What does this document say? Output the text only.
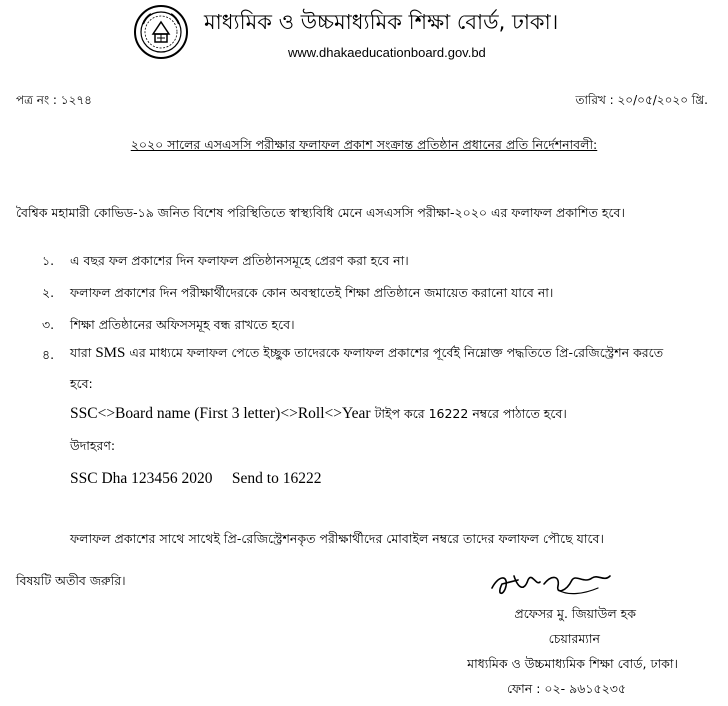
মাধ্যমিক ও উচ্চমাধ্যমিক শিক্ষা বোর্ড, ঢাকা।
www.dhakaeducationboard.gov.bd
পত্র নং : ১২৭৪	তারিখ : ২০/০৫/২০২০ খ্রি.
২০২০ সালের এসএসসি পরীক্ষার ফলাফল প্রকাশ সংক্রান্ত প্রতিষ্ঠান প্রধানের প্রতি নির্দেশনাবলী:
বৈশ্বিক মহামারী কোভিড-১৯ জনিত বিশেষ পরিস্থিতিতে স্বাস্থ্যবিধি মেনে এসএসসি পরীক্ষা-২০২০ এর ফলাফল প্রকাশিত হবে।
১. এ বছর ফল প্রকাশের দিন ফলাফল প্রতিষ্ঠানসমূহে প্রেরণ করা হবে না।
২. ফলাফল প্রকাশের দিন পরীক্ষার্থীদেরকে কোন অবস্থাতেই শিক্ষা প্রতিষ্ঠানে জমায়েত করানো যাবে না।
৩. শিক্ষা প্রতিষ্ঠানের অফিসসমূহ বন্ধ রাখতে হবে।
৪. যারা SMS এর মাধ্যমে ফলাফল পেতে ইচ্ছুক তাদেরকে ফলাফল প্রকাশের পূর্বেই নিম্নোক্ত পদ্ধতিতে প্রি-রেজিস্ট্রেশন করতে
হবে:
SSC<>Board name (First 3 letter)<>Roll<>Year টাইপ করে 16222 নম্বরে পাঠাতে হবে।
উদাহরণ:
SSC Dha 123456 2020     Send to 16222
ফলাফল প্রকাশের সাথে সাথেই প্রি-রেজিস্ট্রেশনকৃত পরীক্ষার্থীদের মোবাইল নম্বরে তাদের ফলাফল পৌছে যাবে।
বিষয়টি অতীব জরুরি।
প্রফেসর মু. জিয়াউল হক
চেয়ারম্যান
মাধ্যমিক ও উচ্চমাধ্যমিক শিক্ষা বোর্ড, ঢাকা।
ফোন : ০২- ৯৬১৫২৩৫
